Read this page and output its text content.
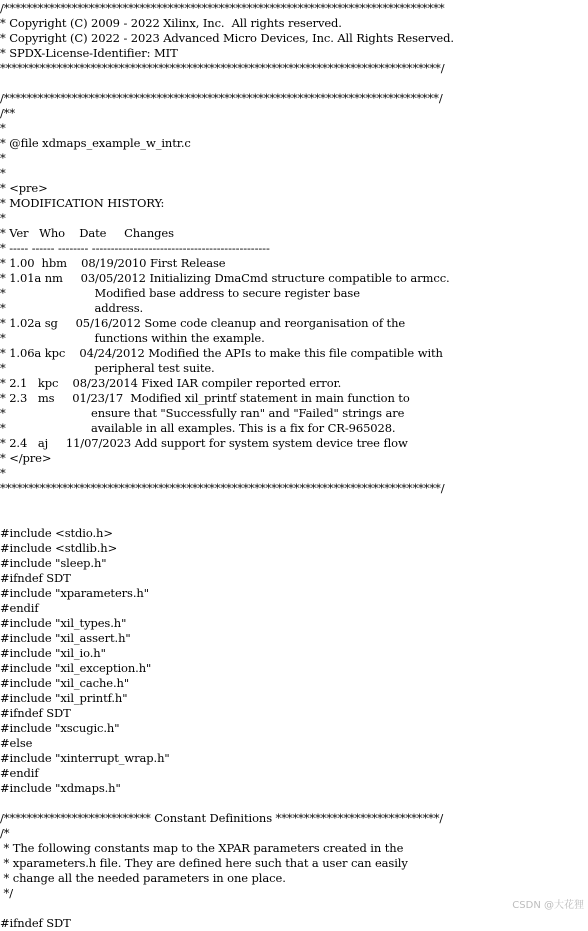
/******************************************************************************
* Copyright (C) 2009 - 2022 Xilinx, Inc.  All rights reserved.
* Copyright (C) 2022 - 2023 Advanced Micro Devices, Inc. All Rights Reserved.
* SPDX-License-Identifier: MIT
******************************************************************************/
/*****************************************************************************/
/**
*
* @file xdmaps_example_w_intr.c
*
*
* <pre>
* MODIFICATION HISTORY:
*
* Ver   Who    Date     Changes
* ----- ------ -------- -----------------------------------------------
* 1.00  hbm    08/19/2010 First Release
* 1.01a nm     03/05/2012 Initializing DmaCmd structure compatible to armcc.
*                         Modified base address to secure register base
*                         address.
* 1.02a sg     05/16/2012 Some code cleanup and reorganisation of the
*                         functions within the example.
* 1.06a kpc    04/24/2012 Modified the APIs to make this file compatible with
*                         peripheral test suite.
* 2.1   kpc    08/23/2014 Fixed IAR compiler reported error.
* 2.3   ms     01/23/17  Modified xil_printf statement in main function to
*                        ensure that "Successfully ran" and "Failed" strings are
*                        available in all examples. This is a fix for CR-965028.
* 2.4   aj     11/07/2023 Add support for system system device tree flow
* </pre>
*
******************************************************************************/
#include <stdio.h>
#include <stdlib.h>
#include "sleep.h"
#ifndef SDT
#include "xparameters.h"
#endif
#include "xil_types.h"
#include "xil_assert.h"
#include "xil_io.h"
#include "xil_exception.h"
#include "xil_cache.h"
#include "xil_printf.h"
#ifndef SDT
#include "xscugic.h"
#else
#include "xinterrupt_wrap.h"
#endif
#include "xdmaps.h"
/************************** Constant Definitions *****************************/
/*
* The following constants map to the XPAR parameters created in the
* xparameters.h file. They are defined here such that a user can easily
* change all the needed parameters in one place.
*/
#ifndef SDT
CSDN @大花狸
